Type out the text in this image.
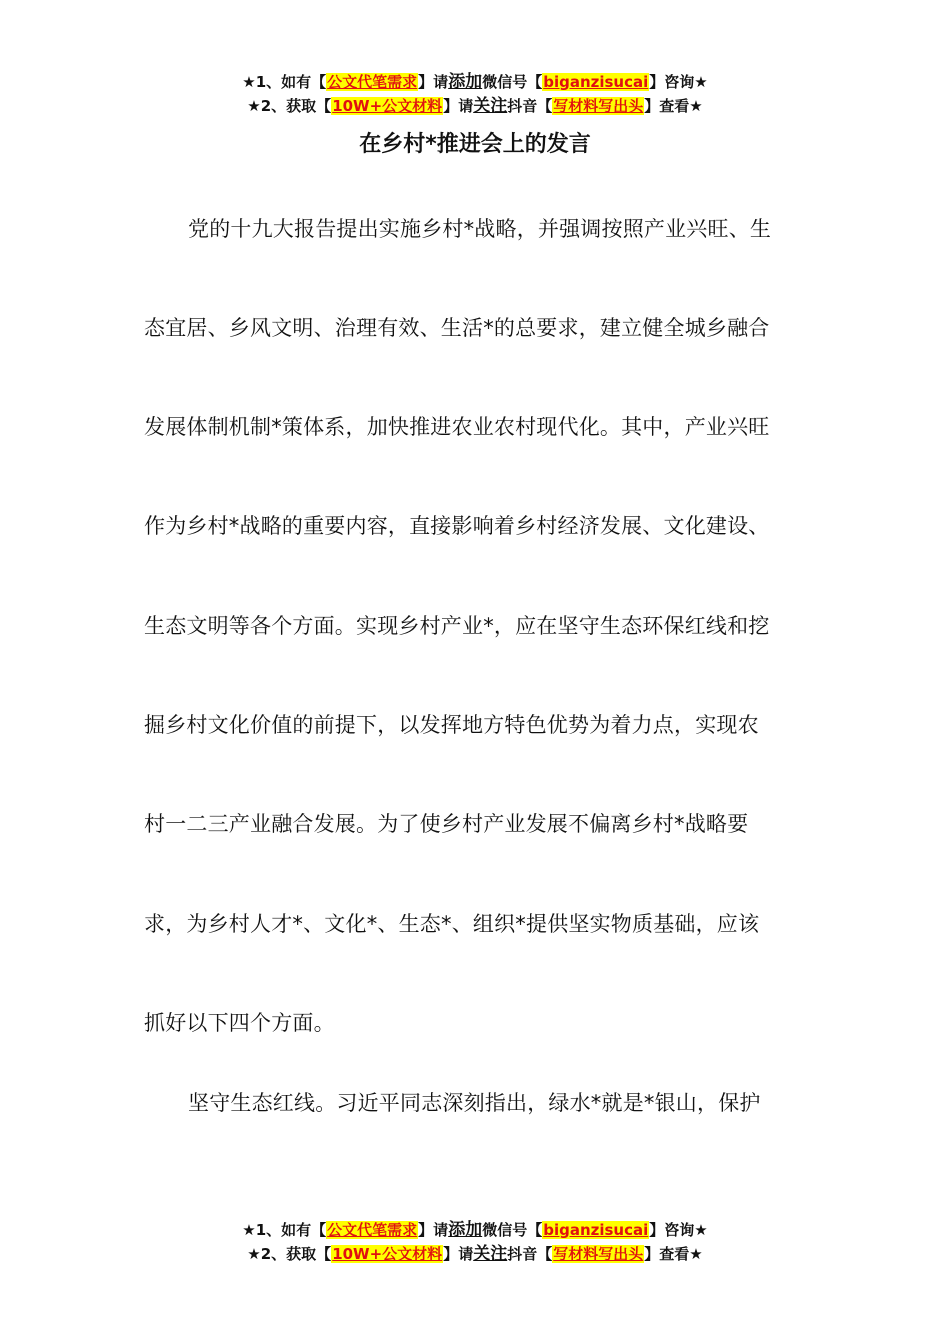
★1、如有【公文代笔需求】请添加微信号【biganzisucai】咨询★
★2、获取【10W+公文材料】请关注抖音【写材料写出头】查看★
在乡村*推进会上的发言
党的十九大报告提出实施乡村*战略，并强调按照产业兴旺、生
态宜居、乡风文明、治理有效、生活*的总要求，建立健全城乡融合
发展体制机制*策体系，加快推进农业农村现代化。其中，产业兴旺
作为乡村*战略的重要内容，直接影响着乡村经济发展、文化建设、
生态文明等各个方面。实现乡村产业*，应在坚守生态环保红线和挖
掘乡村文化价值的前提下，以发挥地方特色优势为着力点，实现农
村一二三产业融合发展。为了使乡村产业发展不偏离乡村*战略要
求，为乡村人才*、文化*、生态*、组织*提供坚实物质基础，应该
抓好以下四个方面。
坚守生态红线。习近平同志深刻指出，绿水*就是*银山，保护
★1、如有【公文代笔需求】请添加微信号【biganzisucai】咨询★
★2、获取【10W+公文材料】请关注抖音【写材料写出头】查看★
